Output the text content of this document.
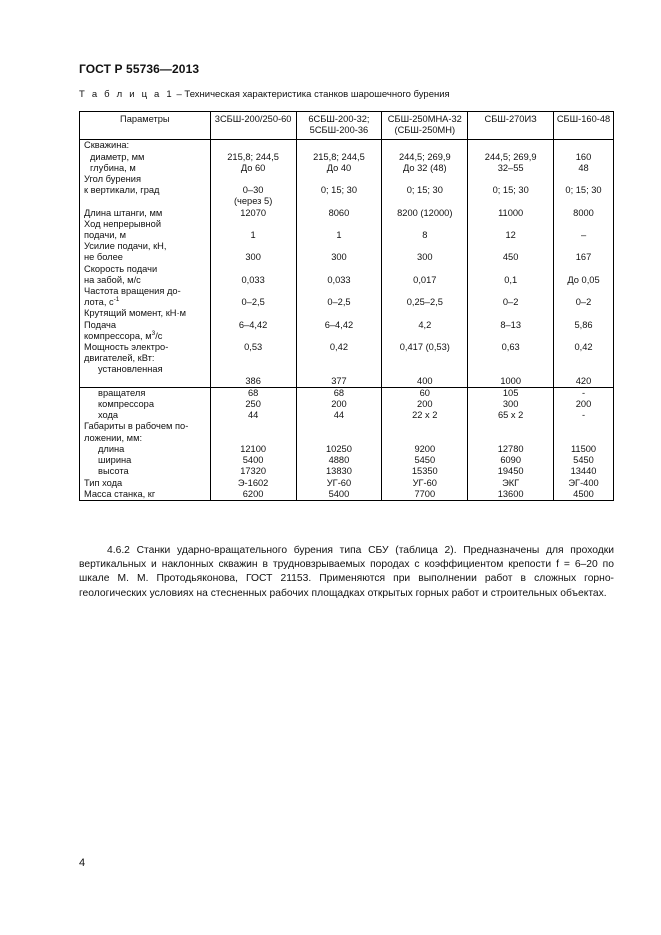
ГОСТ Р 55736—2013
Т а б л и ц а 1 – Техническая характеристика станков шарошечного бурения
Параметры	3СБШ-200/250-60	6СБШ-200-32; 5СБШ-200-36	СБШ-250МНА-32 (СБШ-250МН)	СБШ-270ИЗ	СБШ-160-48
Скважина:					
диаметр, мм	215,8; 244,5	215,8; 244,5	244,5; 269,9	244,5; 269,9	160
глубина, м	До 60	До 40	До 32 (48)	32–55	48
Угол бурения					
к вертикали, град	0–30	0; 15; 30	0; 15; 30	0; 15; 30	0; 15; 30
	(через 5)				
Длина штанги, мм	12070	8060	8200 (12000)	11000	8000
Ход непрерывной					
подачи, м	1	1	8	12	–
Усилие подачи, кН,					
не более	300	300	300	450	167
Скорость подачи					
на забой, м/с	0,033	0,033	0,017	0,1	До 0,05
Частота вращения до-					
лота, $с^{-1}$	0–2,5	0–2,5	0,25–2,5	0–2	0–2
Крутящий момент, кН·м					
Подача	6–4,42	6–4,42	4,2	8–13	5,86
компрессора, $м^3/с$					
Мощность электро-	0,53	0,42	0,417 (0,53)	0,63	0,42
двигателей, кВт:					
установленная					
	386	377	400	1000	420
вращателя	68	68	60	105	-
компрессора	250	200	200	300	200
хода	44	44	22 x 2	65 x 2	-
Габариты в рабочем по-					
ложении, мм:					
длина	12100	10250	9200	12780	11500
ширина	5400	4880	5450	6090	5450
высота	17320	13830	15350	19450	13440
Тип хода	Э-1602	УГ-60	УГ-60	ЭКГ	ЭГ-400
Масса станка, кг	6200	5400	7700	13600	4500
4.6.2 Станки ударно-вращательного бурения типа СБУ (таблица 2). Предназначены для проходки вертикальных и наклонных скважин в трудновзрываемых породах с коэффициентом крепости f = 6–20 по шкале М. М. Протодьяконова, ГОСТ 21153. Применяются при выполнении работ в сложных горно-геологических условиях на стесненных рабочих площадках открытых горных работ и строительных объектах.
4
